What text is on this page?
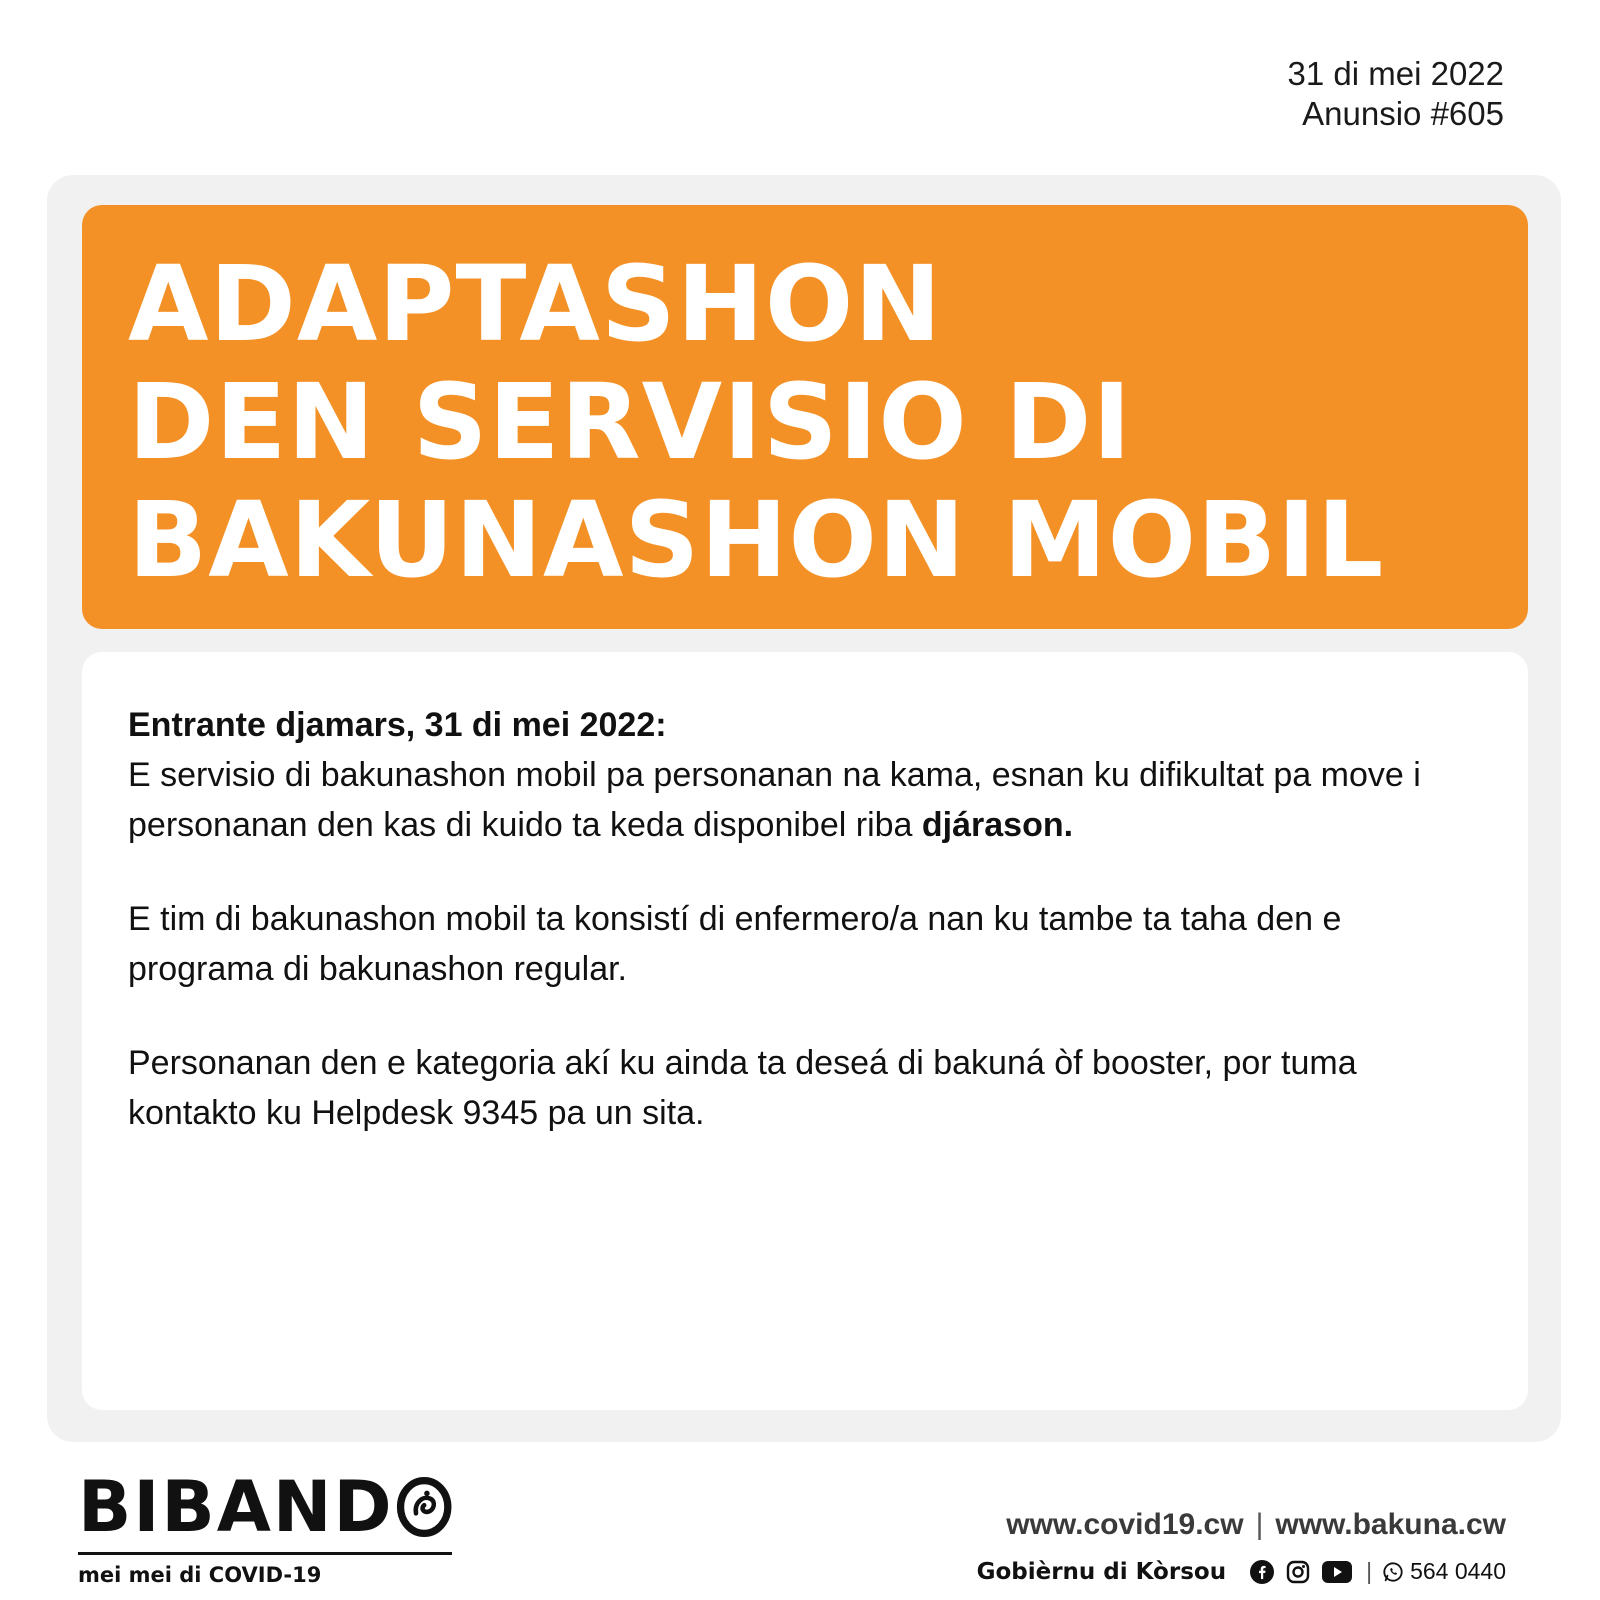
31 di mei 2022
Anunsio #605
ADAPTASHON
DEN SERVISIO DI
BAKUNASHON MOBIL

Entrante djamars, 31 di mei 2022:

E servisio di bakunashon mobil pa personanan na kama, esnan ku difikultat pa move i personanan den kas di kuido ta keda disponibel riba djárason.

E tim di bakunashon mobil ta konsistí di enfermero/a nan ku tambe ta taha den e programa di bakunashon regular.

Personanan den e kategoria akí ku ainda ta deseá di bakuná òf booster, por tuma kontakto ku Helpdesk 9345 pa un sita.

BIBAND
mei mei di COVID-19
www.covid19.cw | www.bakuna.cw
Gobièrnu di Kòrsou	| 564 0440
